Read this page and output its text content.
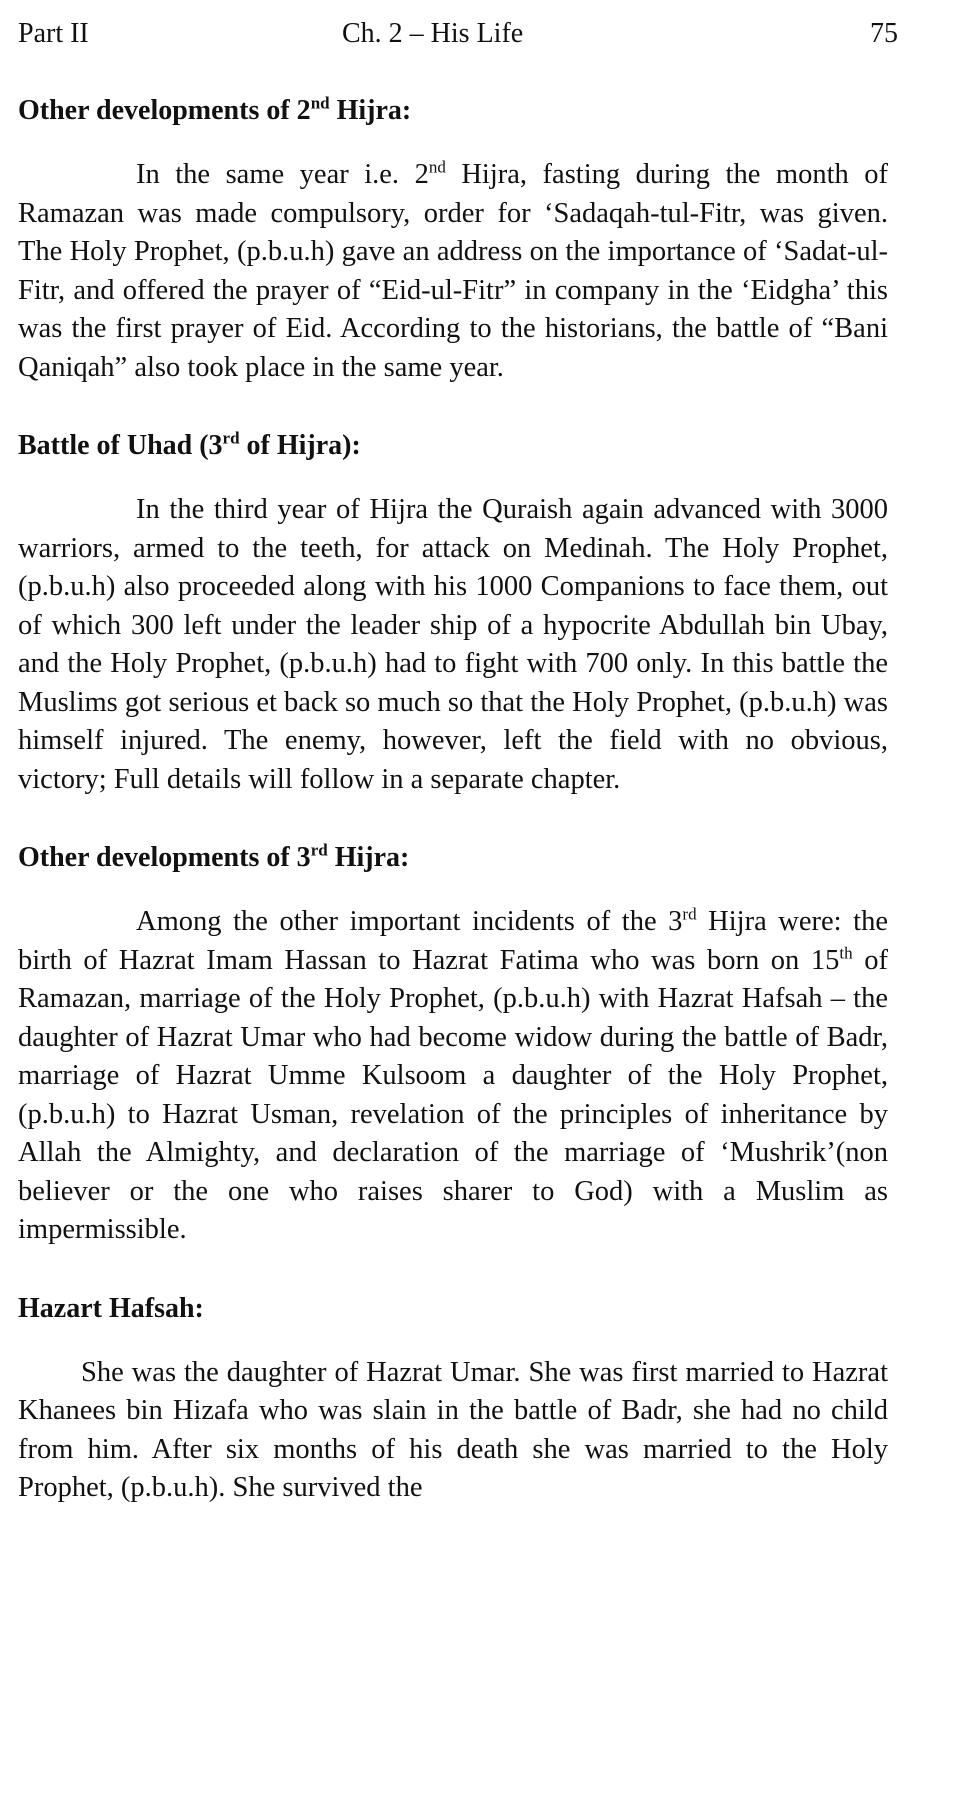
Part II	Ch. 2 – His Life	75
Other developments of 2nd Hijra:

In the same year i.e. 2nd Hijra, fasting during the month of Ramazan was made compulsory, order for ‘Sadaqah-tul-Fitr, was given. The Holy Prophet, (p.b.u.h) gave an address on the importance of ‘Sadat-ul-Fitr, and offered the prayer of “Eid-ul-Fitr” in company in the ‘Eidgha’ this was the first prayer of Eid. According to the historians, the battle of “Bani Qaniqah” also took place in the same year.

Battle of Uhad (3rd of Hijra):

In the third year of Hijra the Quraish again advanced with 3000 warriors, armed to the teeth, for attack on Medinah. The Holy Prophet, (p.b.u.h) also proceeded along with his 1000 Companions to face them, out of which 300 left under the leader ship of a hypocrite Abdullah bin Ubay, and the Holy Prophet, (p.b.u.h) had to fight with 700 only. In this battle the Muslims got serious et back so much so that the Holy Prophet, (p.b.u.h) was himself injured. The enemy, however, left the field with no obvious, victory; Full details will follow in a separate chapter.

Other developments of 3rd Hijra:

Among the other important incidents of the 3rd Hijra were: the birth of Hazrat Imam Hassan to Hazrat Fatima who was born on 15th of Ramazan, marriage of the Holy Prophet, (p.b.u.h) with Hazrat Hafsah – the daughter of Hazrat Umar who had become widow during the battle of Badr, marriage of Hazrat Umme Kulsoom a daughter of the Holy Prophet, (p.b.u.h) to Hazrat Usman, revelation of the principles of inheritance by Allah the Almighty, and declaration of the marriage of ‘Mushrik’(non believer or the one who raises sharer to God) with a Muslim as impermissible.

Hazart Hafsah:

She was the daughter of Hazrat Umar. She was first married to Hazrat Khanees bin Hizafa who was slain in the battle of Badr, she had no child from him. After six months of his death she was married to the Holy Prophet, (p.b.u.h). She survived the
